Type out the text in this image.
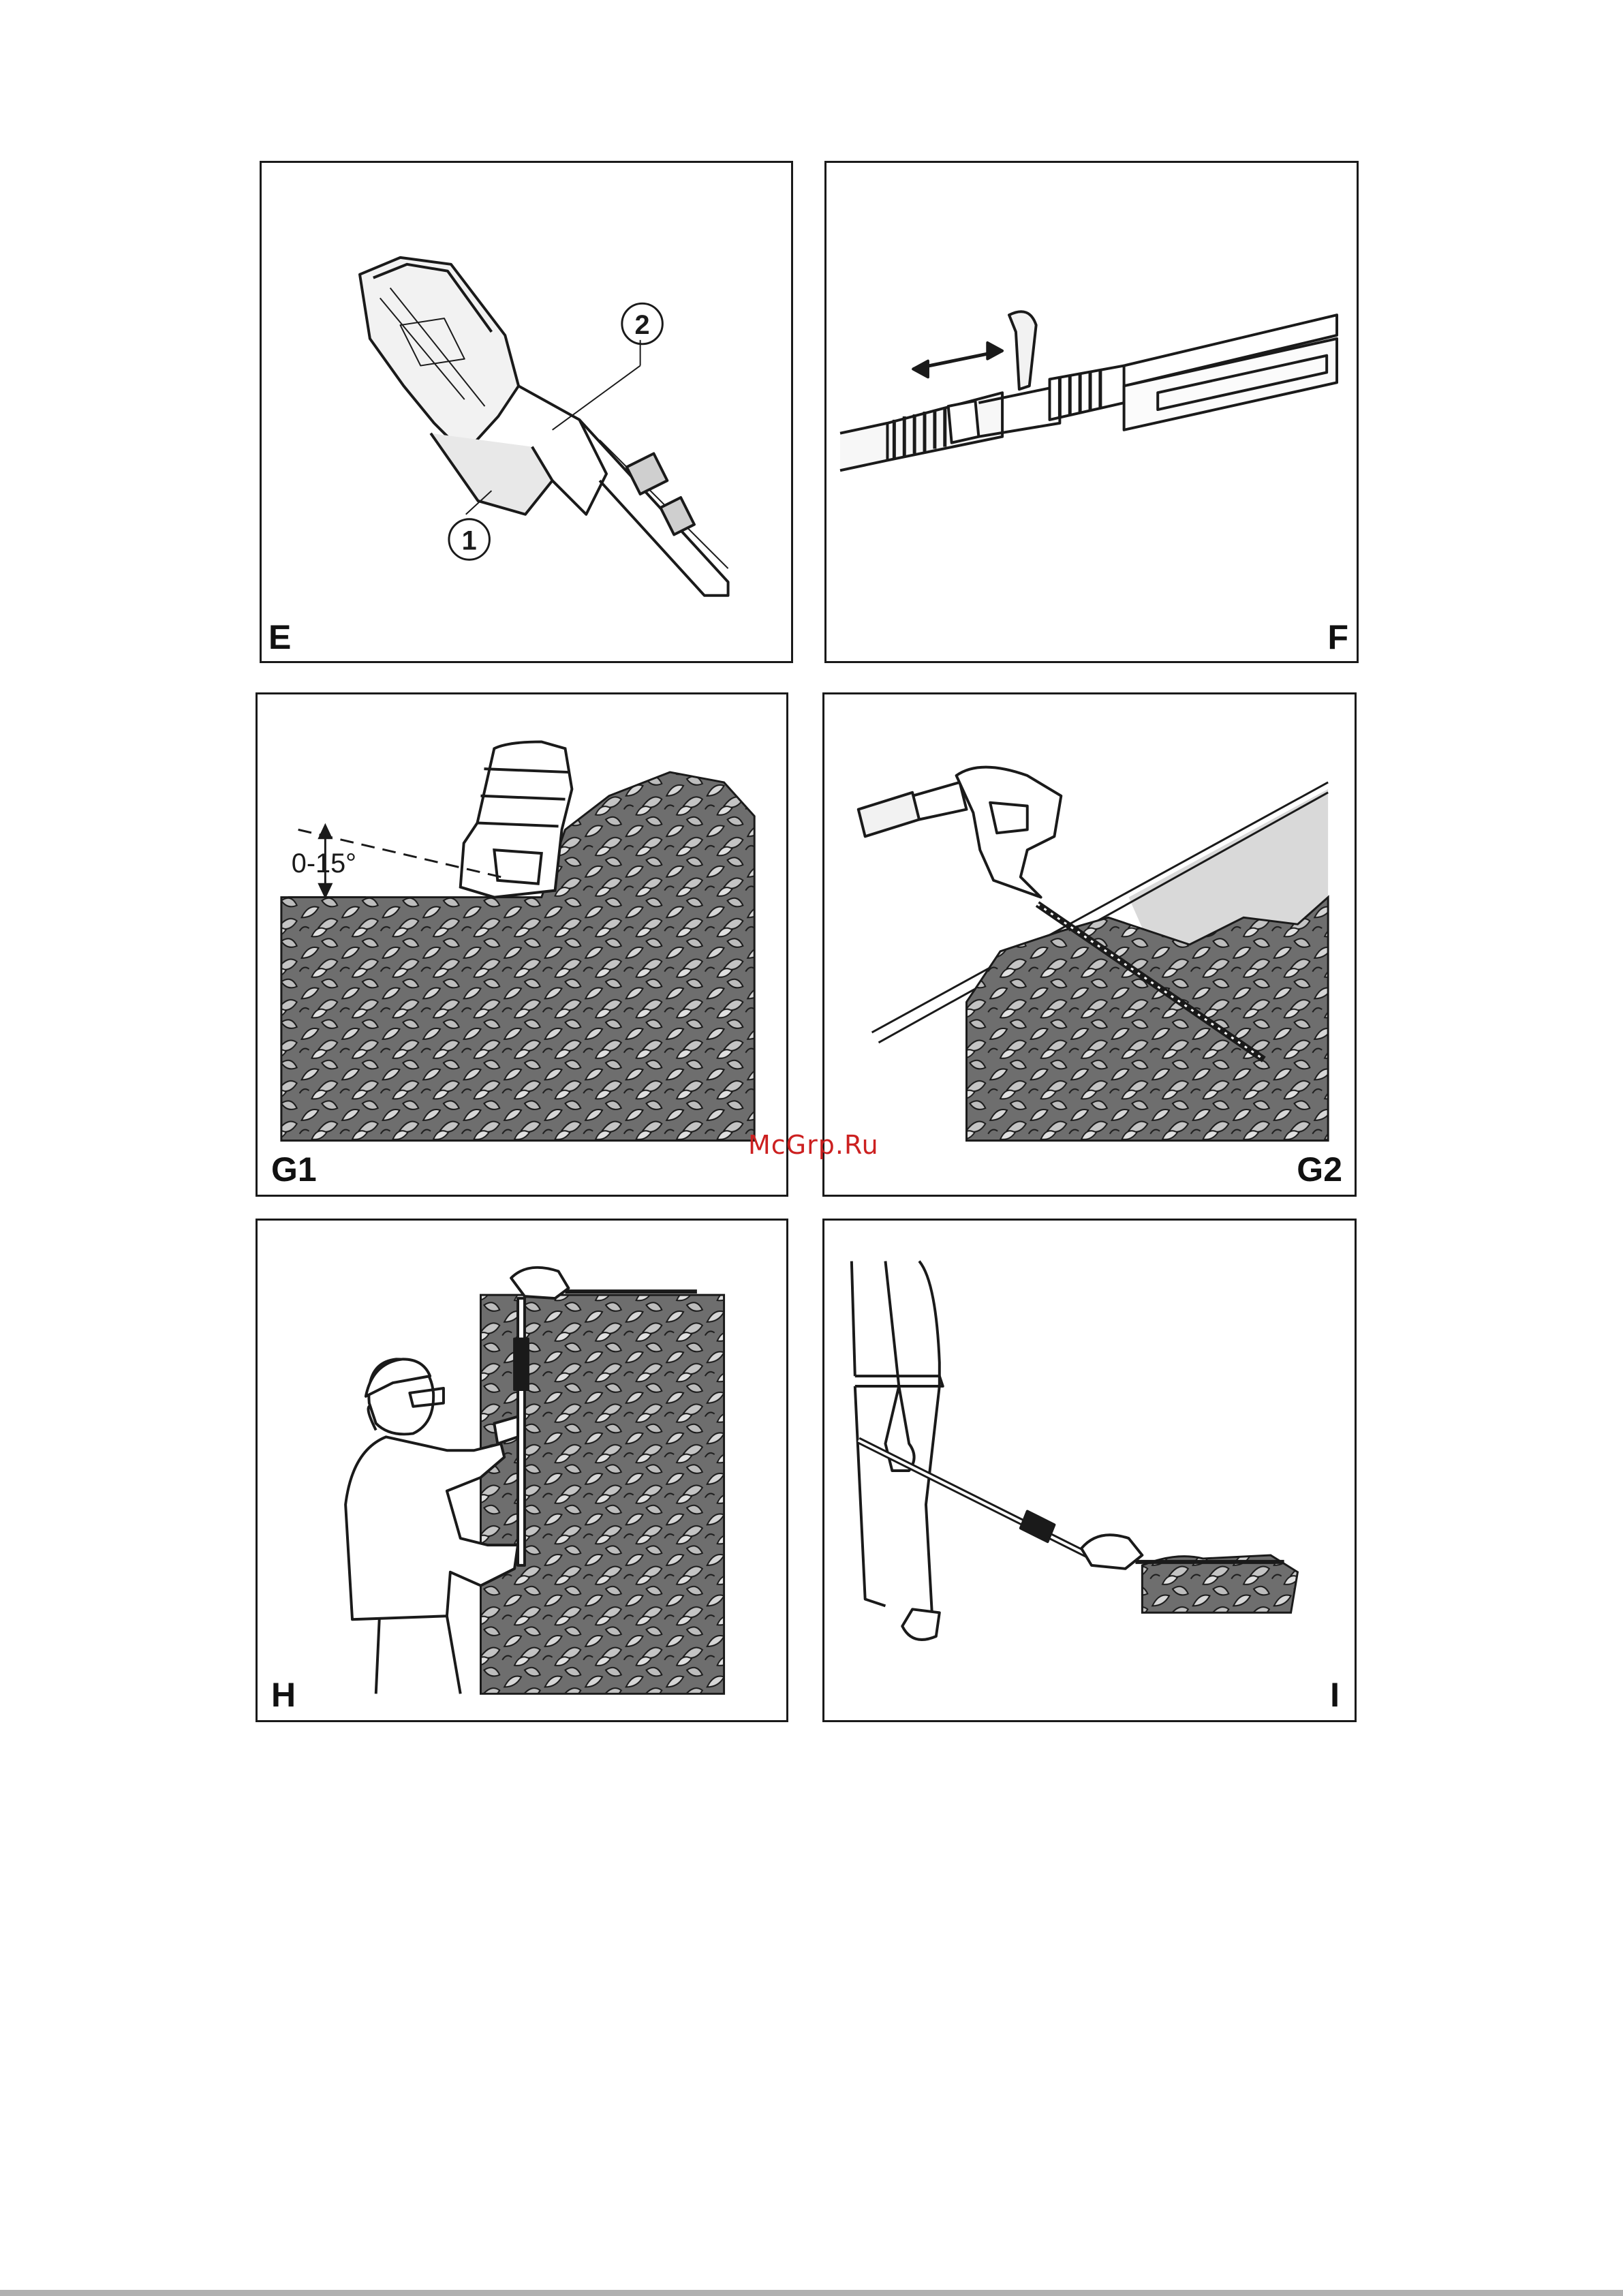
1
2
E	F
0-15°
G1	G2
H	I
McGrp.Ru
